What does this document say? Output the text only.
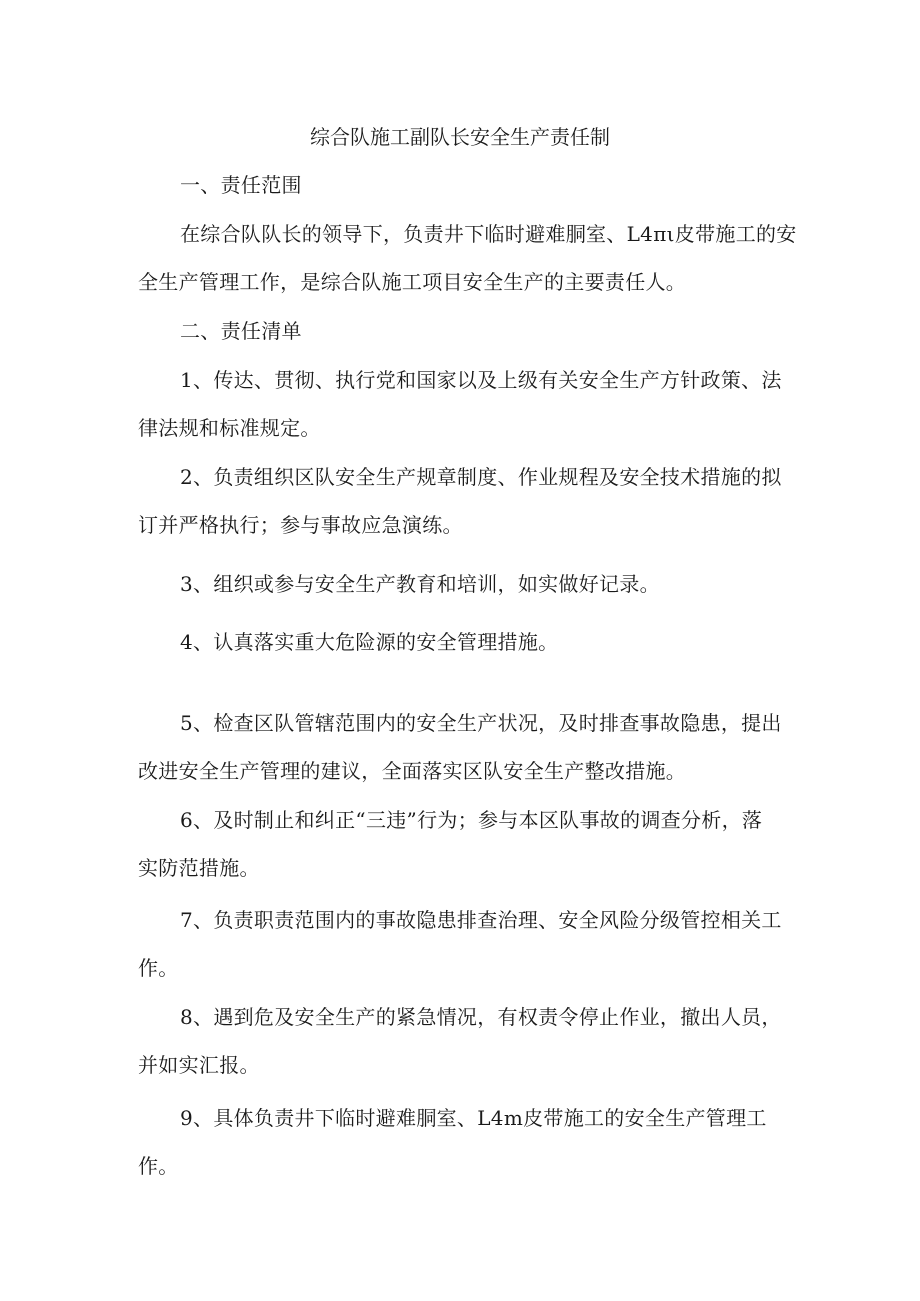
综合队施工副队长安全生产责任制
一、责任范围
在综合队队长的领导下，负责井下临时避难胴室、L4πι皮带施工的安
全生产管理工作，是综合队施工项目安全生产的主要责任人。
二、责任清单
1、传达、贯彻、执行党和国家以及上级有关安全生产方针政策、法
律法规和标准规定。
2、负责组织区队安全生产规章制度、作业规程及安全技术措施的拟
订并严格执行；参与事故应急演练。
3、组织或参与安全生产教育和培训，如实做好记录。
4、认真落实重大危险源的安全管理措施。
5、检查区队管辖范围内的安全生产状况，及时排查事故隐患，提出
改进安全生产管理的建议，全面落实区队安全生产整改措施。
6、及时制止和纠正“三违”行为；参与本区队事故的调查分析，落
实防范措施。
7、负责职责范围内的事故隐患排查治理、安全风险分级管控相关工
作。
8、遇到危及安全生产的紧急情况，有权责令停止作业，撤出人员，
并如实汇报。
9、具体负责井下临时避难胴室、L4m皮带施工的安全生产管理工
作。
